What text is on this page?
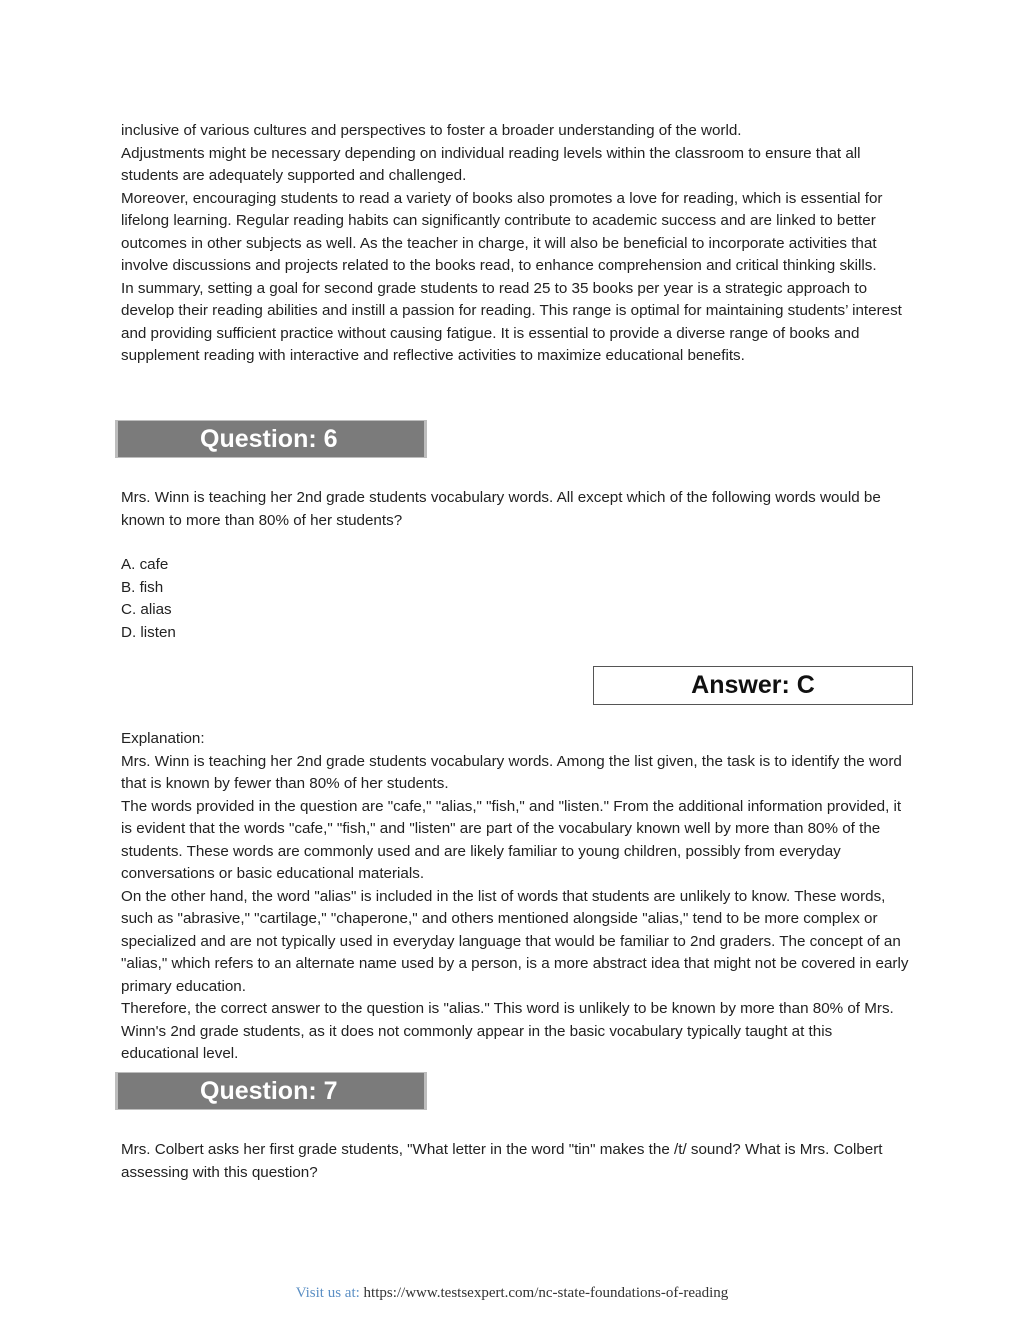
inclusive of various cultures and perspectives to foster a broader understanding of the world.

Adjustments might be necessary depending on individual reading levels within the classroom to ensure that all students are adequately supported and challenged.

Moreover, encouraging students to read a variety of books also promotes a love for reading, which is essential for lifelong learning. Regular reading habits can significantly contribute to academic success and are linked to better outcomes in other subjects as well. As the teacher in charge, it will also be beneficial to incorporate activities that involve discussions and projects related to the books read, to enhance comprehension and critical thinking skills.

In summary, setting a goal for second grade students to read 25 to 35 books per year is a strategic approach to develop their reading abilities and instill a passion for reading. This range is optimal for maintaining students’ interest and providing sufficient practice without causing fatigue. It is essential to provide a diverse range of books and supplement reading with interactive and reflective activities to maximize educational benefits.

Question: 6

Mrs. Winn is teaching her 2nd grade students vocabulary words. All except which of the following words would be known to more than 80% of her students?

A. cafe

B. fish

C. alias

D. listen

Answer: C

Explanation:

Mrs. Winn is teaching her 2nd grade students vocabulary words. Among the list given, the task is to identify the word that is known by fewer than 80% of her students.

The words provided in the question are "cafe," "alias," "fish," and "listen." From the additional information provided, it is evident that the words "cafe," "fish," and "listen" are part of the vocabulary known well by more than 80% of the students. These words are commonly used and are likely familiar to young children, possibly from everyday conversations or basic educational materials.

On the other hand, the word "alias" is included in the list of words that students are unlikely to know. These words, such as "abrasive," "cartilage," "chaperone," and others mentioned alongside "alias," tend to be more complex or specialized and are not typically used in everyday language that would be familiar to 2nd graders. The concept of an "alias," which refers to an alternate name used by a person, is a more abstract idea that might not be covered in early primary education.

Therefore, the correct answer to the question is "alias." This word is unlikely to be known by more than 80% of Mrs. Winn's 2nd grade students, as it does not commonly appear in the basic vocabulary typically taught at this educational level.

Question: 7

Mrs. Colbert asks her first grade students, "What letter in the word "tin" makes the /t/ sound? What is Mrs. Colbert assessing with this question?

Visit us at: https://www.testsexpert.com/nc-state-foundations-of-reading
